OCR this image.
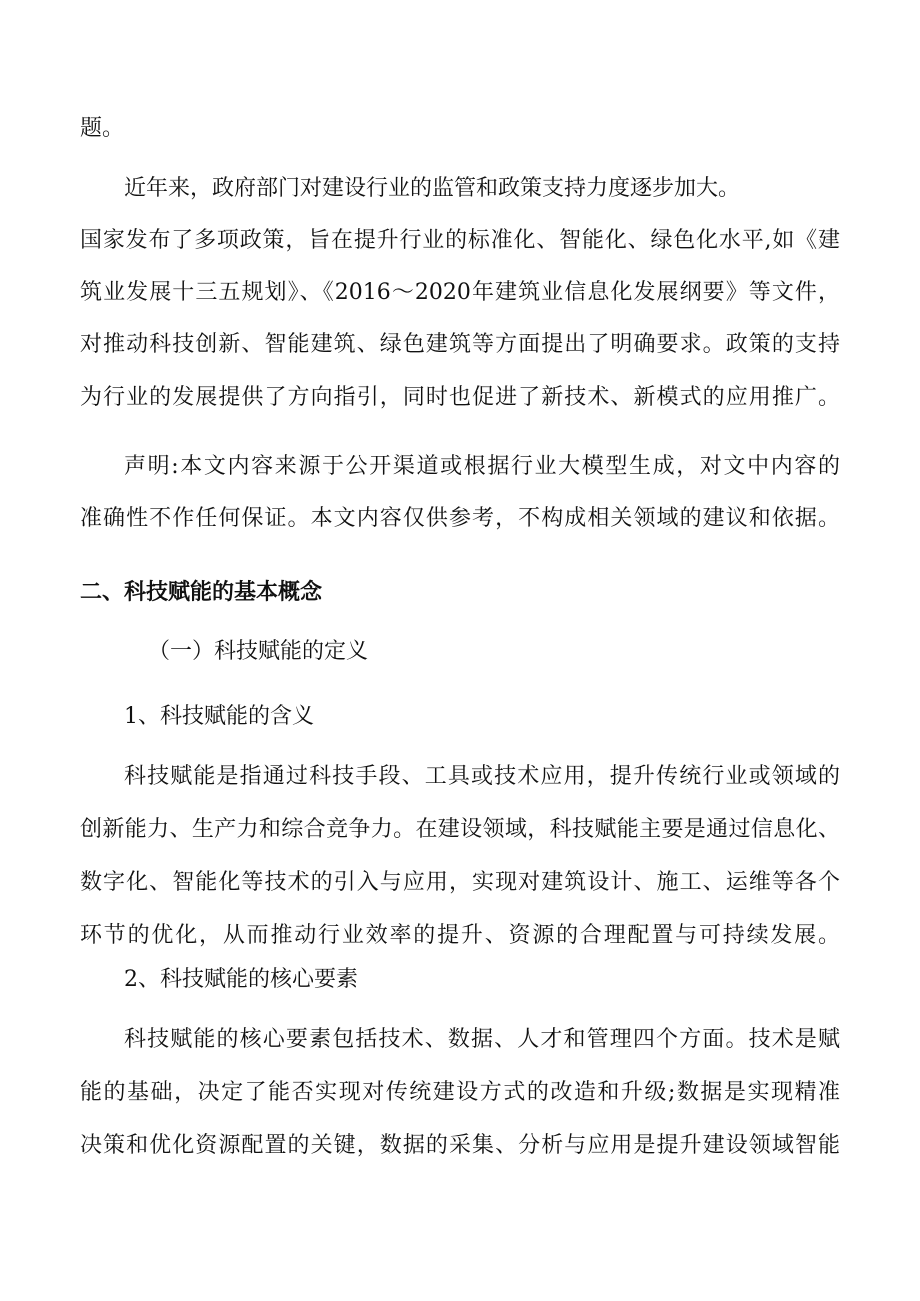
题。
近年来，政府部门对建设行业的监管和政策支持力度逐步加大。
国家发布了多项政策，旨在提升行业的标准化、智能化、绿色化水平,如《建
筑业发展十三五规划》、《2016～2020年建筑业信息化发展纲要》等文件，
对推动科技创新、智能建筑、绿色建筑等方面提出了明确要求。政策的支持
为行业的发展提供了方向指引，同时也促进了新技术、新模式的应用推广。
声明:本文内容来源于公开渠道或根据行业大模型生成，对文中内容的
准确性不作任何保证。本文内容仅供参考，不构成相关领域的建议和依据。
二、科技赋能的基本概念
（一）科技赋能的定义
1、科技赋能的含义
科技赋能是指通过科技手段、工具或技术应用，提升传统行业或领域的
创新能力、生产力和综合竞争力。在建设领域，科技赋能主要是通过信息化、
数字化、智能化等技术的引入与应用，实现对建筑设计、施工、运维等各个
环节的优化，从而推动行业效率的提升、资源的合理配置与可持续发展。
2、科技赋能的核心要素
科技赋能的核心要素包括技术、数据、人才和管理四个方面。技术是赋
能的基础，决定了能否实现对传统建设方式的改造和升级;数据是实现精准
决策和优化资源配置的关键，数据的采集、分析与应用是提升建设领域智能
